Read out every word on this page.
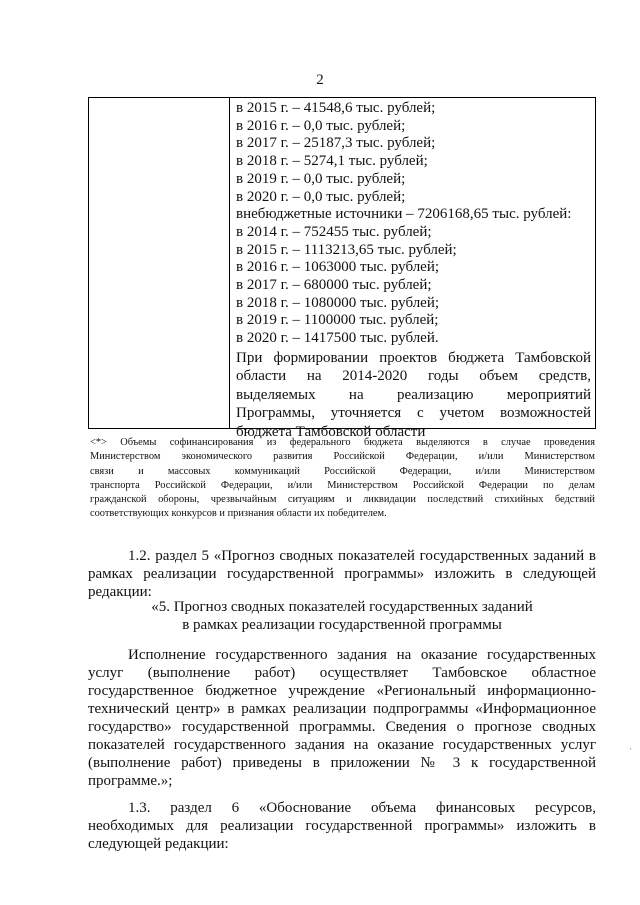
2
в 2015 г. – 41548,6 тыс. рублей;
в 2016 г. – 0,0 тыс. рублей;
в 2017 г. – 25187,3 тыс. рублей;
в 2018 г. – 5274,1 тыс. рублей;
в 2019 г. – 0,0 тыс. рублей;
в 2020 г. – 0,0 тыс. рублей;
внебюджетные источники – 7206168,65 тыс. рублей:
в 2014 г. – 752455 тыс. рублей;
в 2015 г. – 1113213,65 тыс. рублей;
в 2016 г. – 1063000 тыс. рублей;
в 2017 г. – 680000 тыс. рублей;
в 2018 г. – 1080000 тыс. рублей;
в 2019 г. – 1100000 тыс. рублей;
в 2020 г. – 1417500 тыс. рублей.
При формировании проектов бюджета Тамбовской
области на 2014-2020 годы объем средств,
выделяемых на реализацию мероприятий
Программы, уточняется с учетом возможностей
бюджета Тамбовской области
<*> Объемы софинансирования из федерального бюджета выделяются в случае проведения
Министерством экономического развития Российской Федерации, и/или Министерством
связи и массовых коммуникаций Российской Федерации, и/или Министерством
транспорта Российской Федерации, и/или Министерством Российской Федерации по делам
гражданской обороны, чрезвычайным ситуациям и ликвидации последствий стихийных бедствий
соответствующих конкурсов и признания области их победителем.
1.2. раздел 5 «Прогноз сводных показателей государственных заданий в
рамках реализации государственной программы» изложить в следующей
редакции:
«5. Прогноз сводных показателей государственных заданий
в рамках реализации государственной программы
Исполнение государственного задания на оказание государственных
услуг (выполнение работ) осуществляет Тамбовское областное
государственное бюджетное учреждение «Региональный информационно-
технический центр» в рамках реализации подпрограммы «Информационное
государство» государственной программы. Сведения о прогнозе сводных
показателей государственного задания на оказание государственных услуг
(выполнение работ) приведены в приложении № 3 к государственной
программе.»;
1.3. раздел 6 «Обоснование объема финансовых ресурсов,
необходимых для реализации государственной программы» изложить в
следующей редакции:
·
